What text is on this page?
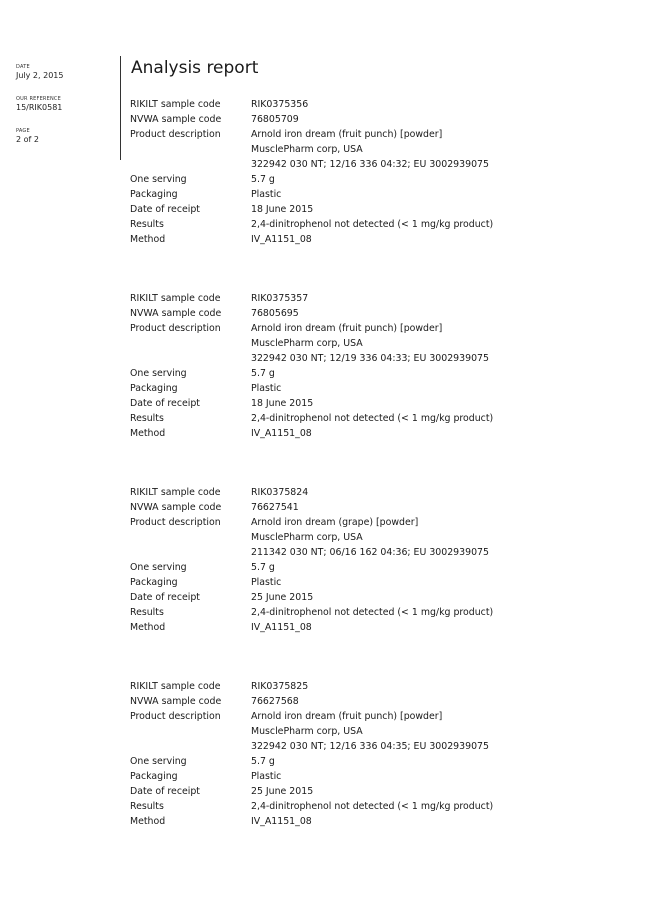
DATE
July 2, 2015
OUR REFERENCE
15/RIK0581
PAGE
2 of 2
Analysis report
RIKILT sample code	RIK0375356
NVWA sample code	76805709
Product description	Arnold iron dream (fruit punch) [powder]
MusclePharm corp, USA
322942 030 NT; 12/16 336 04:32; EU 3002939075
One serving	5.7 g
Packaging	Plastic
Date of receipt	18 June 2015
Results	2,4-dinitrophenol not detected (< 1 mg/kg product)
Method	IV_A1151_08
RIKILT sample code	RIK0375357
NVWA sample code	76805695
Product description	Arnold iron dream (fruit punch) [powder]
MusclePharm corp, USA
322942 030 NT; 12/19 336 04:33; EU 3002939075
One serving	5.7 g
Packaging	Plastic
Date of receipt	18 June 2015
Results	2,4-dinitrophenol not detected (< 1 mg/kg product)
Method	IV_A1151_08
RIKILT sample code	RIK0375824
NVWA sample code	76627541
Product description	Arnold iron dream (grape) [powder]
MusclePharm corp, USA
211342 030 NT; 06/16 162 04:36; EU 3002939075
One serving	5.7 g
Packaging	Plastic
Date of receipt	25 June 2015
Results	2,4-dinitrophenol not detected (< 1 mg/kg product)
Method	IV_A1151_08
RIKILT sample code	RIK0375825
NVWA sample code	76627568
Product description	Arnold iron dream (fruit punch) [powder]
MusclePharm corp, USA
322942 030 NT; 12/16 336 04:35; EU 3002939075
One serving	5.7 g
Packaging	Plastic
Date of receipt	25 June 2015
Results	2,4-dinitrophenol not detected (< 1 mg/kg product)
Method	IV_A1151_08
